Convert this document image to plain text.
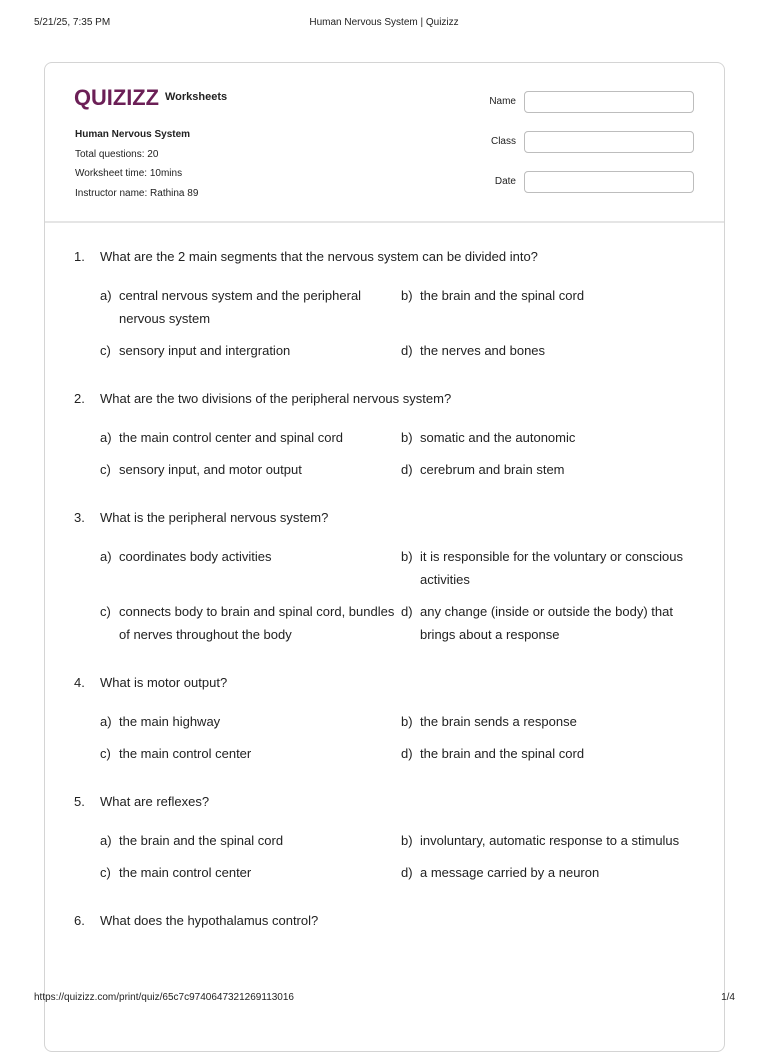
5/21/25, 7:35 PM	Human Nervous System | Quizizz
QUIZIZZ Worksheets
Human Nervous System
Total questions: 20
Worksheet time: 10mins
Instructor name: Rathina 89
Name
Class
Date
1.	What are the 2 main segments that the nervous system can be divided into?
a) central nervous system and the peripheral nervous system
b) the brain and the spinal cord
c) sensory input and intergration	d) the nerves and bones
2.	What are the two divisions of the peripheral nervous system?
a) the main control center and spinal cord	b) somatic and the autonomic
c) sensory input, and motor output	d) cerebrum and brain stem
3.	What is the peripheral nervous system?
a) coordinates body activities	b) it is responsible for the voluntary or conscious activities
c) connects body to brain and spinal cord, bundles of nerves throughout the body
d) any change (inside or outside the body) that brings about a response
4.	What is motor output?
a) the main highway	b) the brain sends a response
c) the main control center	d) the brain and the spinal cord
5.	What are reflexes?
a) the brain and the spinal cord	b) involuntary, automatic response to a stimulus
c) the main control center	d) a message carried by a neuron
6.	What does the hypothalamus control?
https://quizizz.com/print/quiz/65c7c9740647321269113016	1/4
